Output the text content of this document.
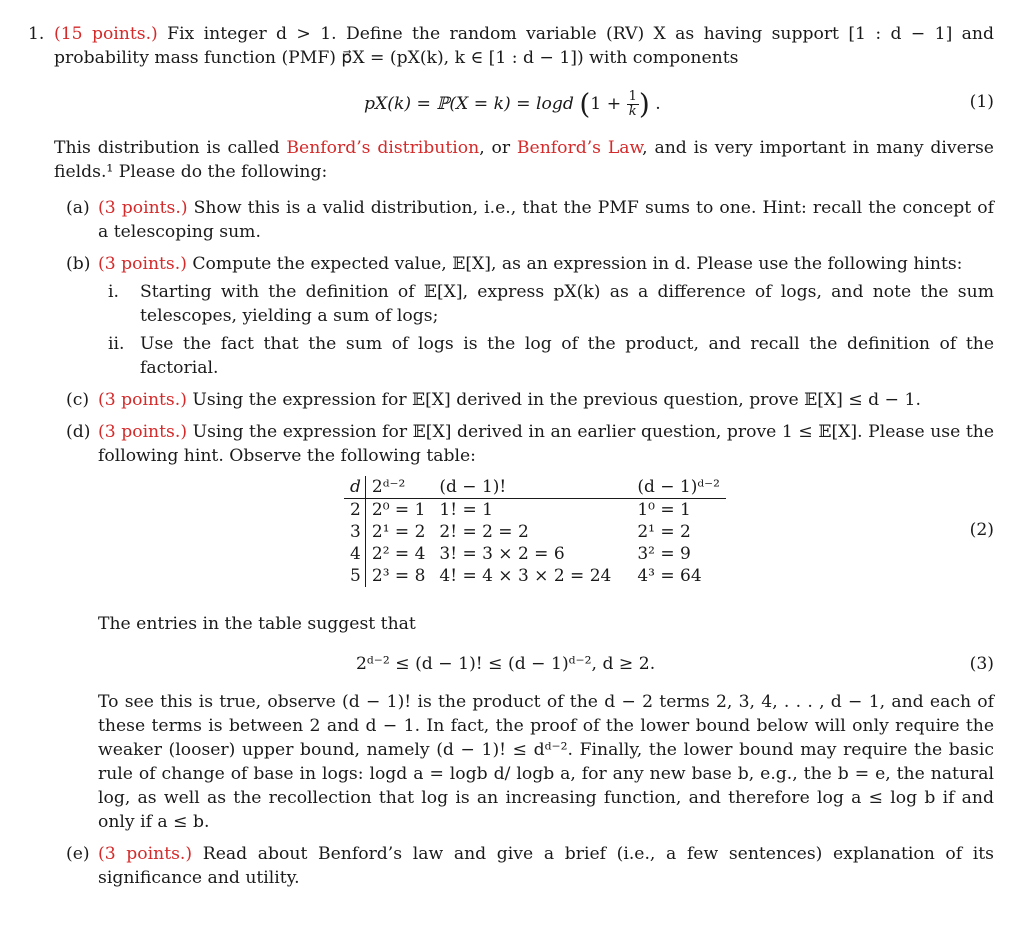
1. (15 points.) Fix integer d > 1. Define the random variable (RV) X as having support [1 : d − 1] and probability mass function (PMF) p⃗X = (pX(k), k ∈ [1 : d − 1]) with components
pX(k) = ℙ(X = k) = logd ($1 + \frac{1}{k}$ ) .	(1)
This distribution is called Benford’s distribution, or Benford’s Law, and is very important in many diverse fields.¹ Please do the following:
(a) (3 points.) Show this is a valid distribution, i.e., that the PMF sums to one. Hint: recall the concept of a telescoping sum.
(b) (3 points.) Compute the expected value, 𝔼[X], as an expression in d. Please use the following hints:
i. Starting with the definition of 𝔼[X], express pX(k) as a difference of logs, and note the sum telescopes, yielding a sum of logs;
ii. Use the fact that the sum of logs is the log of the product, and recall the definition of the factorial.
(c) (3 points.) Using the expression for 𝔼[X] derived in the previous question, prove 𝔼[X] ≤ d − 1.
(d) (3 points.) Using the expression for 𝔼[X] derived in an earlier question, prove 1 ≤ 𝔼[X]. Please use the following hint. Observe the following table:
d	2ᵈ⁻²	(d − 1)!	(d − 1)ᵈ⁻²
2	2⁰ = 1	1! = 1	1⁰ = 1
3	2¹ = 2	2! = 2 = 2	2¹ = 2
4	2² = 4	3! = 3 × 2 = 6	3² = 9
5	2³ = 8	4! = 4 × 3 × 2 = 24	4³ = 64
(2)
The entries in the table suggest that
2ᵈ⁻² ≤ (d − 1)! ≤ (d − 1)ᵈ⁻², d ≥ 2.	(3)
To see this is true, observe (d − 1)! is the product of the d − 2 terms 2, 3, 4, . . . , d − 1, and each of these terms is between 2 and d − 1. In fact, the proof of the lower bound below will only require the weaker (looser) upper bound, namely (d − 1)! ≤ dᵈ⁻². Finally, the lower bound may require the basic rule of change of base in logs: logd a = logb d/ logb a, for any new base b, e.g., the b = e, the natural log, as well as the recollection that log is an increasing function, and therefore log a ≤ log b if and only if a ≤ b.
(e) (3 points.) Read about Benford’s law and give a brief (i.e., a few sentences) explanation of its significance and utility.
